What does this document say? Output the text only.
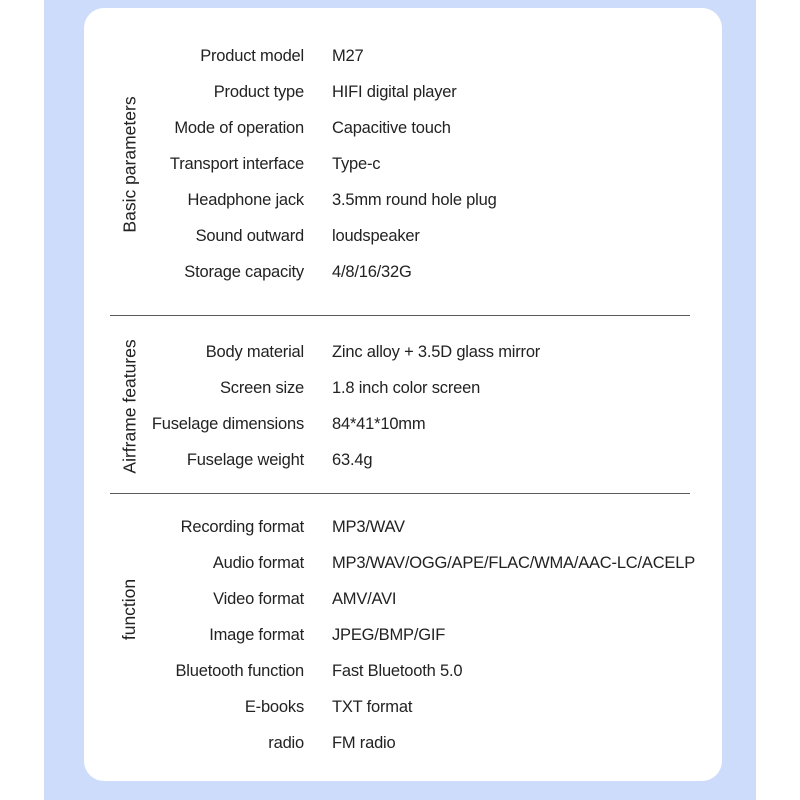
Basic parameters
Product model M27
Product type HIFI digital player
Mode of operation Capacitive touch
Transport interface Type-c
Headphone jack 3.5mm round hole plug
Sound outward loudspeaker
Storage capacity 4/8/16/32G
Airframe features	Body material Zinc alloy + 3.5D glass mirror
Screen size 1.8 inch color screen
Fuselage dimensions 84*41*10mm
Fuselage weight 63.4g
function
Recording format MP3/WAV
Audio format MP3/WAV/OGG/APE/FLAC/WMA/AAC-LC/ACELP
Video format AMV/AVI
Image format JPEG/BMP/GIF
Bluetooth function Fast Bluetooth 5.0
E-books TXT format
radio FM radio
